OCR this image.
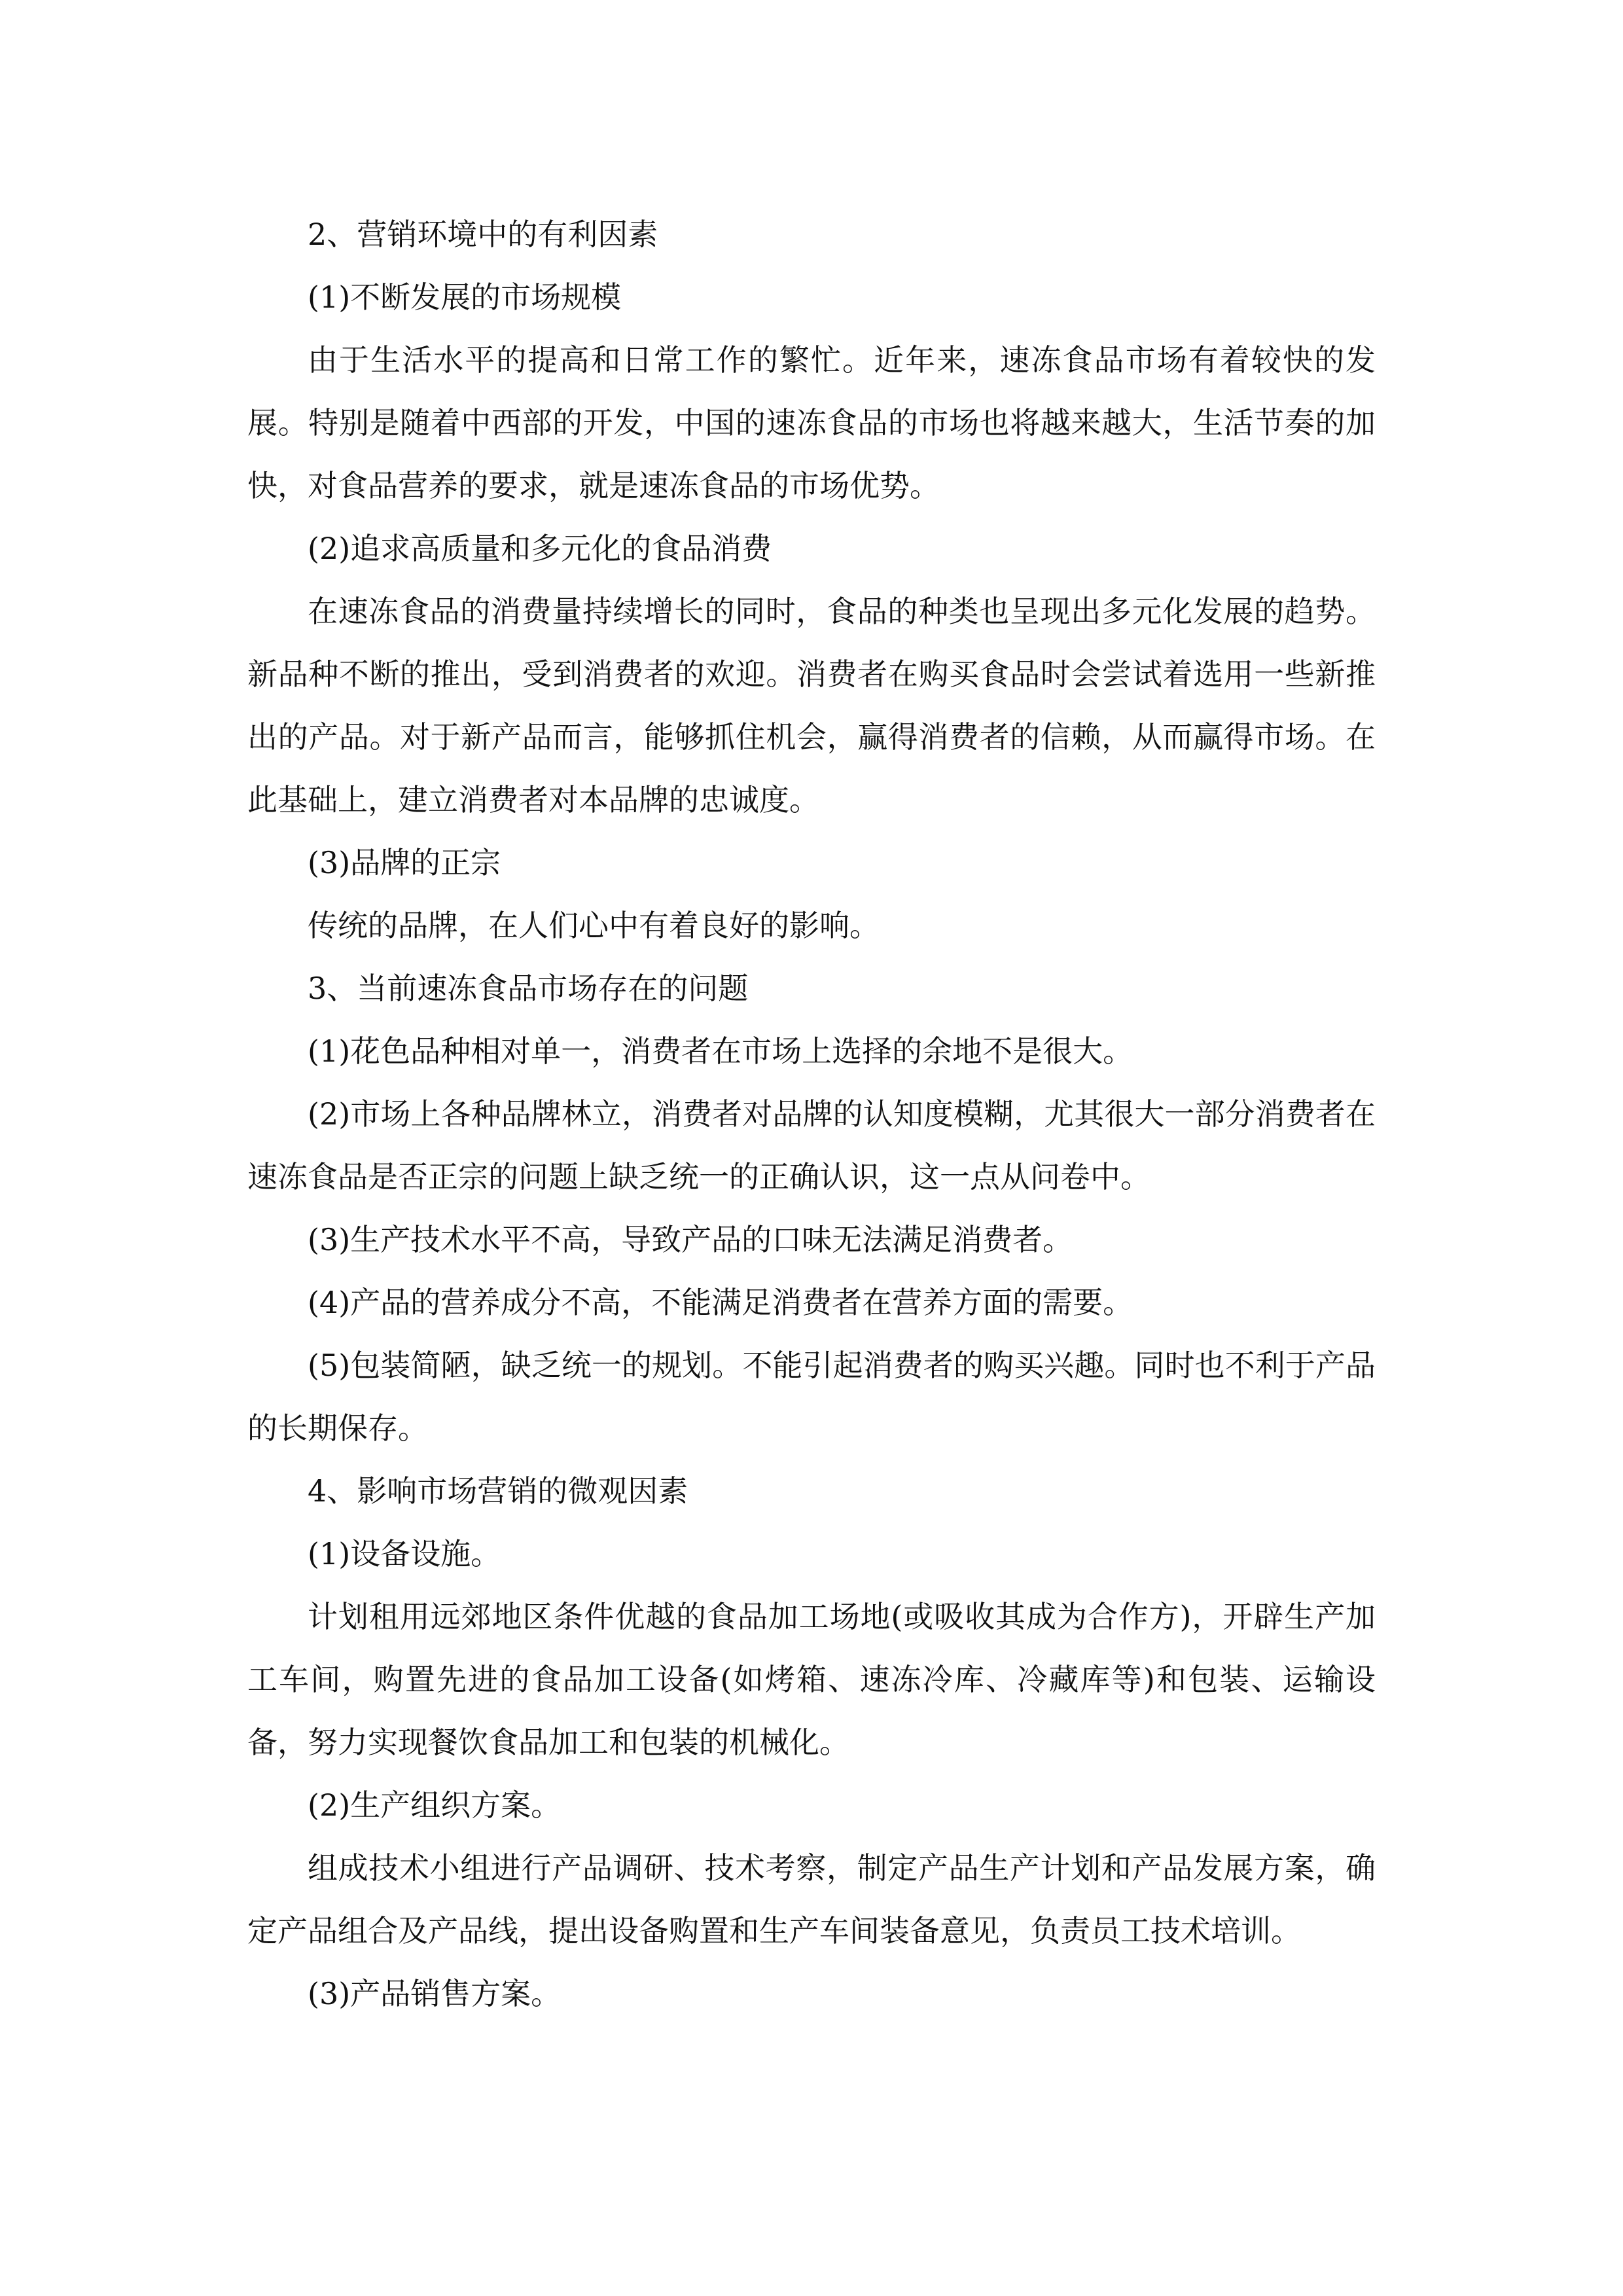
2、营销环境中的有利因素

(1)不断发展的市场规模

由于生活水平的提高和日常工作的繁忙。近年来，速冻食品市场有着较快的发展。特别是随着中西部的开发，中国的速冻食品的市场也将越来越大，生活节奏的加快，对食品营养的要求，就是速冻食品的市场优势。

(2)追求高质量和多元化的食品消费

在速冻食品的消费量持续增长的同时，食品的种类也呈现出多元化发展的趋势。新品种不断的推出，受到消费者的欢迎。消费者在购买食品时会尝试着选用一些新推出的产品。对于新产品而言，能够抓住机会，赢得消费者的信赖，从而赢得市场。在此基础上，建立消费者对本品牌的忠诚度。

(3)品牌的正宗

传统的品牌，在人们心中有着良好的影响。

3、当前速冻食品市场存在的问题

(1)花色品种相对单一，消费者在市场上选择的余地不是很大。

(2)市场上各种品牌林立，消费者对品牌的认知度模糊，尤其很大一部分消费者在速冻食品是否正宗的问题上缺乏统一的正确认识，这一点从问卷中。

(3)生产技术水平不高，导致产品的口味无法满足消费者。

(4)产品的营养成分不高，不能满足消费者在营养方面的需要。

(5)包装简陋，缺乏统一的规划。不能引起消费者的购买兴趣。同时也不利于产品的长期保存。

4、影响市场营销的微观因素

(1)设备设施。

计划租用远郊地区条件优越的食品加工场地(或吸收其成为合作方)，开辟生产加工车间，购置先进的食品加工设备(如烤箱、速冻冷库、冷藏库等)和包装、运输设备，努力实现餐饮食品加工和包装的机械化。

(2)生产组织方案。

组成技术小组进行产品调研、技术考察，制定产品生产计划和产品发展方案，确定产品组合及产品线，提出设备购置和生产车间装备意见，负责员工技术培训。

(3)产品销售方案。
